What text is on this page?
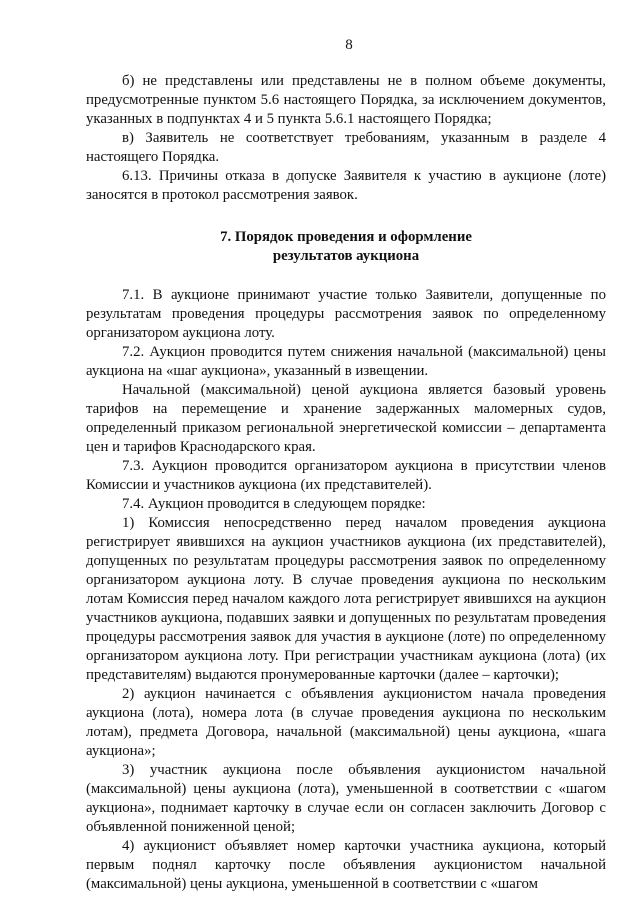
8

б) не представлены или представлены не в полном объеме документы, предусмотренные пунктом 5.6 настоящего Порядка, за исключением документов, указанных в подпунктах 4 и 5 пункта 5.6.1 настоящего Порядка;

в) Заявитель не соответствует требованиям, указанным в разделе 4 настоящего Порядка.

6.13. Причины отказа в допуске Заявителя к участию в аукционе (лоте) заносятся в протокол рассмотрения заявок.

7. Порядок проведения и оформление
результатов аукциона

7.1. В аукционе принимают участие только Заявители, допущенные по результатам проведения процедуры рассмотрения заявок по определенному организатором аукциона лоту.

7.2. Аукцион проводится путем снижения начальной (максимальной) цены аукциона на «шаг аукциона», указанный в извещении.

Начальной (максимальной) ценой аукциона является базовый уровень тарифов на перемещение и хранение задержанных маломерных судов, определенный приказом региональной энергетической комиссии – департамента цен и тарифов Краснодарского края.

7.3. Аукцион проводится организатором аукциона в присутствии членов Комиссии и участников аукциона (их представителей).

7.4. Аукцион проводится в следующем порядке:

1) Комиссия непосредственно перед началом проведения аукциона регистрирует явившихся на аукцион участников аукциона (их представителей), допущенных по результатам процедуры рассмотрения заявок по определенному организатором аукциона лоту. В случае проведения аукциона по нескольким лотам Комиссия перед началом каждого лота регистрирует явившихся на аукцион участников аукциона, подавших заявки и допущенных по результатам проведения процедуры рассмотрения заявок для участия в аукционе (лоте) по определенному организатором аукциона лоту. При регистрации участникам аукциона (лота) (их представителям) выдаются пронумерованные карточки (далее – карточки);

2) аукцион начинается с объявления аукционистом начала проведения аукциона (лота), номера лота (в случае проведения аукциона по нескольким лотам), предмета Договора, начальной (максимальной) цены аукциона, «шага аукциона»;

3) участник аукциона после объявления аукционистом начальной (максимальной) цены аукциона (лота), уменьшенной в соответствии с «шагом аукциона», поднимает карточку в случае если он согласен заключить Договор с объявленной пониженной ценой;

4) аукционист объявляет номер карточки участника аукциона, который первым поднял карточку после объявления аукционистом начальной (максимальной) цены аукциона, уменьшенной в соответствии с «шагом
